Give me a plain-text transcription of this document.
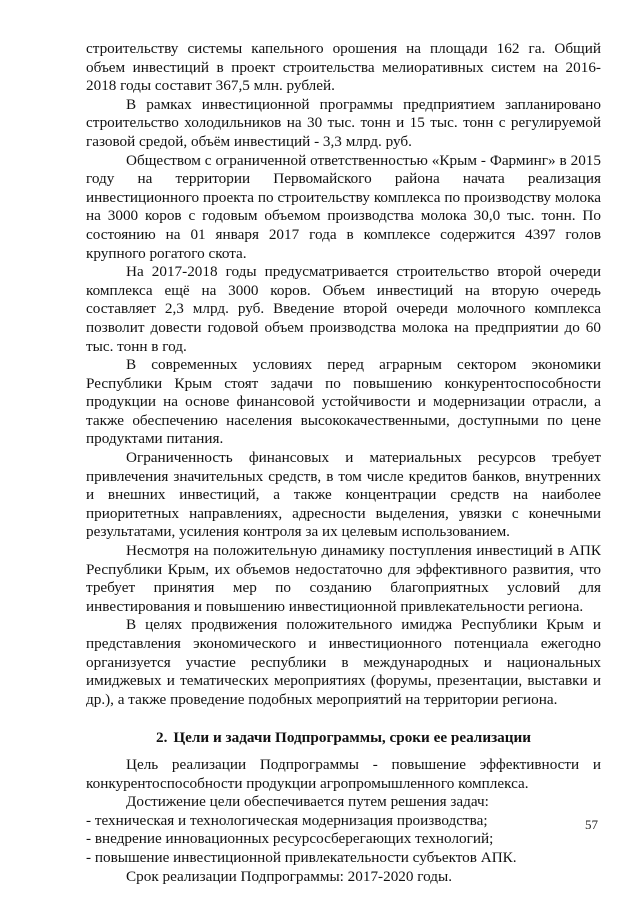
строительству системы капельного орошения на площади 162 га. Общий объем инвестиций в проект строительства мелиоративных систем на 2016-2018 годы составит 367,5 млн. рублей.

В рамках инвестиционной программы предприятием запланировано строительство холодильников на 30 тыс. тонн и 15 тыс. тонн с регулируемой газовой средой, объём инвестиций - 3,3 млрд. руб.

Обществом с ограниченной ответственностью «Крым - Фарминг» в 2015 году на территории Первомайского района начата реализация инвестиционного проекта по строительству комплекса по производству молока на 3000 коров с годовым объемом производства молока 30,0 тыс. тонн. По состоянию на 01 января 2017 года в комплексе содержится 4397 голов крупного рогатого скота.

На 2017-2018 годы предусматривается строительство второй очереди комплекса ещё на 3000 коров. Объем инвестиций на вторую очередь составляет 2,3 млрд. руб. Введение второй очереди молочного комплекса позволит довести годовой объем производства молока на предприятии до 60 тыс. тонн в год.

В современных условиях перед аграрным сектором экономики Республики Крым стоят задачи по повышению конкурентоспособности продукции на основе финансовой устойчивости и модернизации отрасли, а также обеспечению населения высококачественными, доступными по цене продуктами питания.

Ограниченность финансовых и материальных ресурсов требует привлечения значительных средств, в том числе кредитов банков, внутренних и внешних инвестиций, а также концентрации средств на наиболее приоритетных направлениях, адресности выделения, увязки с конечными результатами, усиления контроля за их целевым использованием.

Несмотря на положительную динамику поступления инвестиций в АПК Республики Крым, их объемов недостаточно для эффективного развития, что требует принятия мер по созданию благоприятных условий для инвестирования и повышению инвестиционной привлекательности региона.

В целях продвижения положительного имиджа Республики Крым и представления экономического и инвестиционного потенциала ежегодно организуется участие республики в международных и национальных имиджевых и тематических мероприятиях (форумы, презентации, выставки и др.), а также проведение подобных мероприятий на территории региона.

2. Цели и задачи Подпрограммы, сроки ее реализации

Цель реализации Подпрограммы - повышение эффективности и конкурентоспособности продукции агропромышленного комплекса.

Достижение цели обеспечивается путем решения задач:

- техническая и технологическая модернизация производства;
- внедрение инновационных ресурсосберегающих технологий;
- повышение инвестиционной привлекательности субъектов АПК.

Срок реализации Подпрограммы: 2017-2020 годы.

57
